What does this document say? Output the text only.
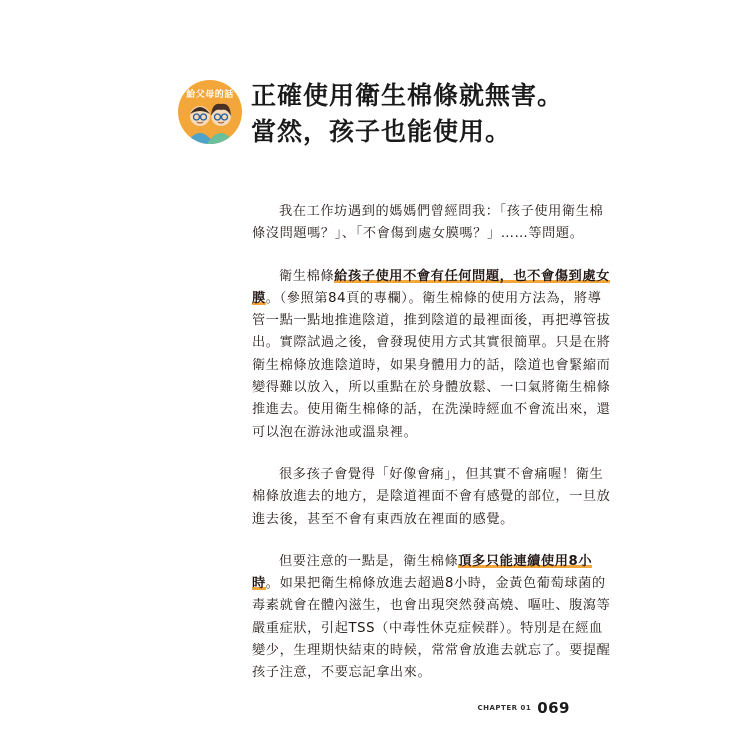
給父母的話 正確使用衛生棉條就無害。
當然，孩子也能使用。
我在工作坊遇到的媽媽們曾經問我：「孩子使用衛生棉
條沒問題嗎？」、「不會傷到處女膜嗎？」……等問題。
衛生棉條給孩子使用不會有任何問題，也不會傷到處女
膜。（參照第84頁的專欄）。衛生棉條的使用方法為，將導
管一點一點地推進陰道，推到陰道的最裡面後，再把導管拔
出。實際試過之後，會發現使用方式其實很簡單。只是在將
衛生棉條放進陰道時，如果身體用力的話，陰道也會緊縮而
變得難以放入，所以重點在於身體放鬆、一口氣將衛生棉條
推進去。使用衛生棉條的話，在洗澡時經血不會流出來，還
可以泡在游泳池或溫泉裡。
很多孩子會覺得「好像會痛」，但其實不會痛喔！衛生
棉條放進去的地方，是陰道裡面不會有感覺的部位，一旦放
進去後，甚至不會有東西放在裡面的感覺。
但要注意的一點是，衛生棉條頂多只能連續使用8小
時。如果把衛生棉條放進去超過8小時，金黃色葡萄球菌的
毒素就會在體內滋生，也會出現突然發高燒、嘔吐、腹瀉等
嚴重症狀，引起TSS（中毒性休克症候群）。特別是在經血
變少，生理期快結束的時候，常常會放進去就忘了。要提醒
孩子注意，不要忘記拿出來。
CHAPTER 01 069
